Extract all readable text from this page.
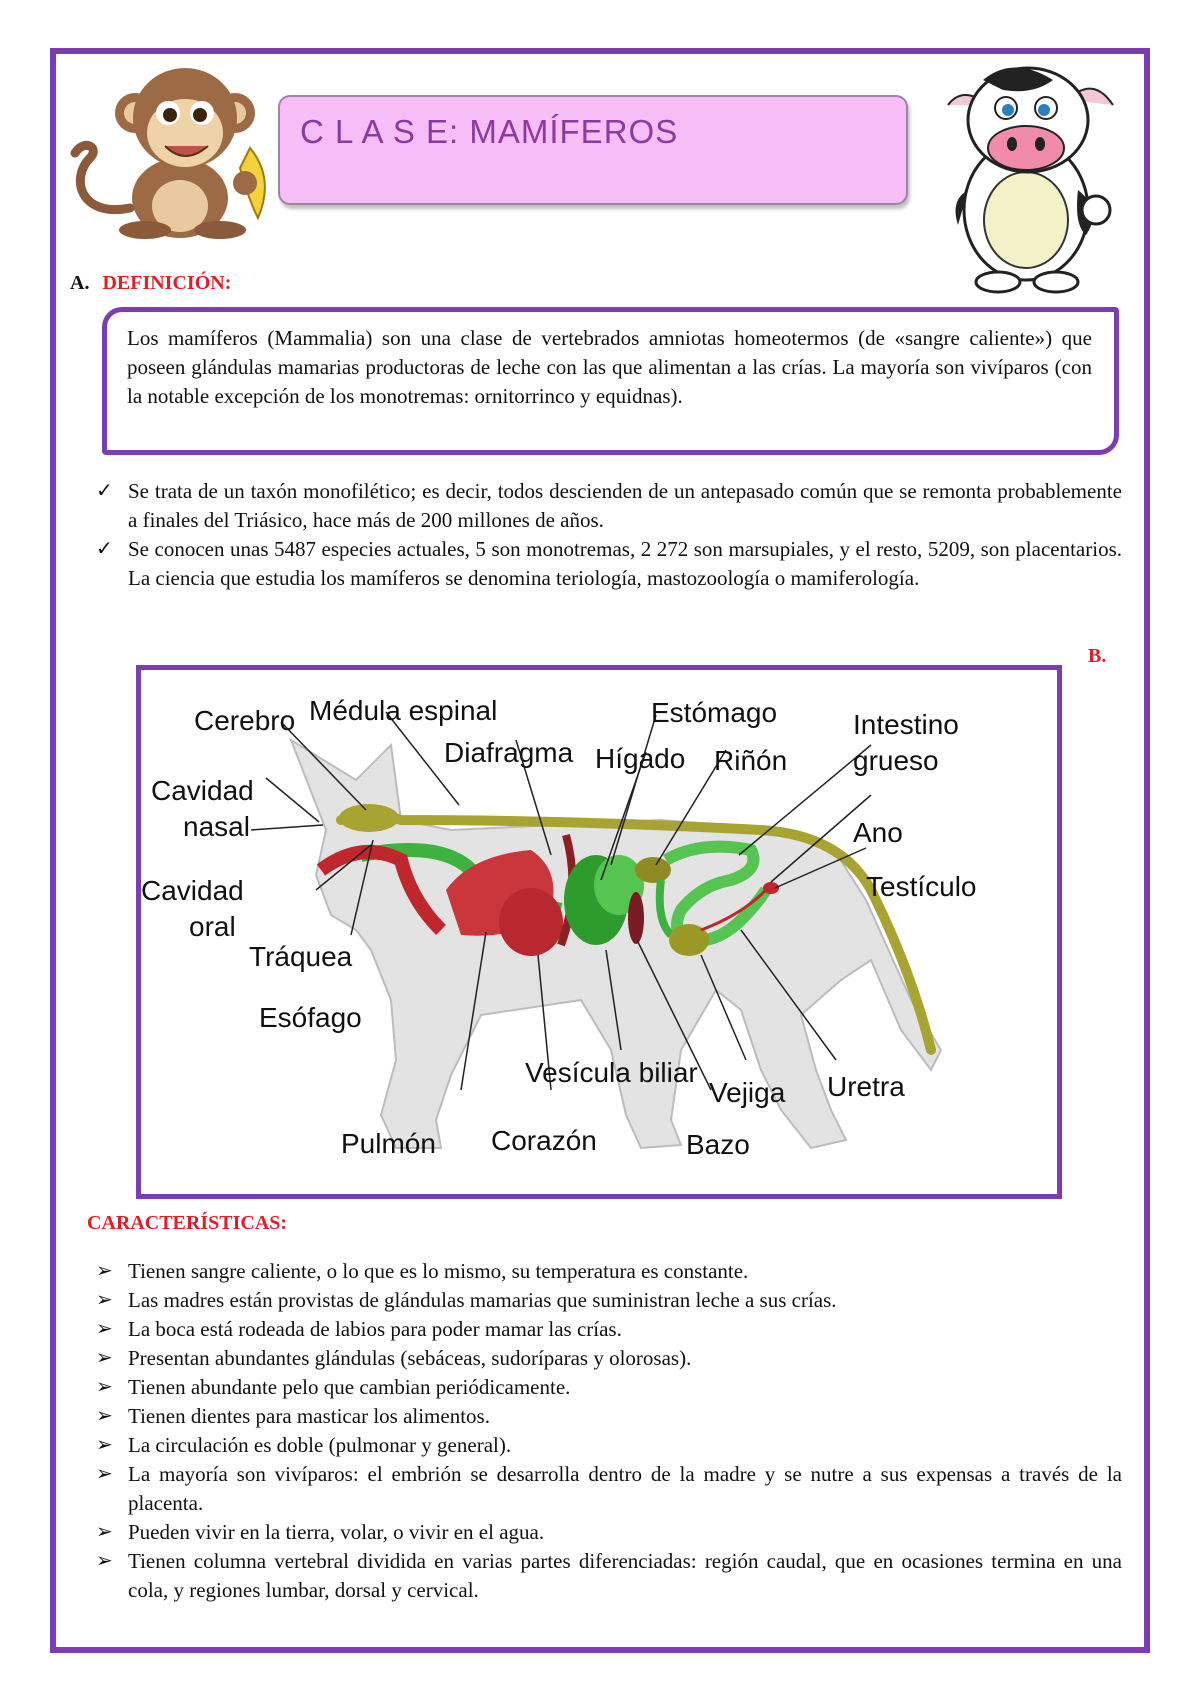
C L A S E: MAMÍFEROS
A. DEFINICIÓN:
Los mamíferos (Mammalia) son una clase de vertebrados amniotas homeotermos (de «sangre caliente») que poseen glándulas mamarias productoras de leche con las que alimentan a las crías. La mayoría son vivíparos (con la notable excepción de los monotremas: ornitorrinco y equidnas).
✓ Se trata de un taxón monofilético; es decir, todos descienden de un antepasado común que se remonta probablemente a finales del Triásico, hace más de 200 millones de años.
✓ Se conocen unas 5487 especies actuales, 5 son monotremas, 2 272 son marsupiales, y el resto, 5209, son placentarios. La ciencia que estudia los mamíferos se denomina teriología, mastozoología o mamiferología.
B.
Cerebro Médula espinal	Estómago	Intestino
grueso
Diafragma Hígado Riñón
Cavidad
nasal	Ano
Cavidad
oral
Testículo
Tráquea
Esófago
Vesícula biliar
Vejiga Uretra
Pulmón Corazón	Bazo
CARACTERÍSTICAS:
➢ Tienen sangre caliente, o lo que es lo mismo, su temperatura es constante.
➢ Las madres están provistas de glándulas mamarias que suministran leche a sus crías.
➢ La boca está rodeada de labios para poder mamar las crías.
➢ Presentan abundantes glándulas (sebáceas, sudoríparas y olorosas).
➢ Tienen abundante pelo que cambian periódicamente.
➢ Tienen dientes para masticar los alimentos.
➢ La circulación es doble (pulmonar y general).
➢ La mayoría son vivíparos: el embrión se desarrolla dentro de la madre y se nutre a sus expensas a través de la placenta.
➢ Pueden vivir en la tierra, volar, o vivir en el agua.
➢ Tienen columna vertebral dividida en varias partes diferenciadas: región caudal, que en ocasiones termina en una cola, y regiones lumbar, dorsal y cervical.
